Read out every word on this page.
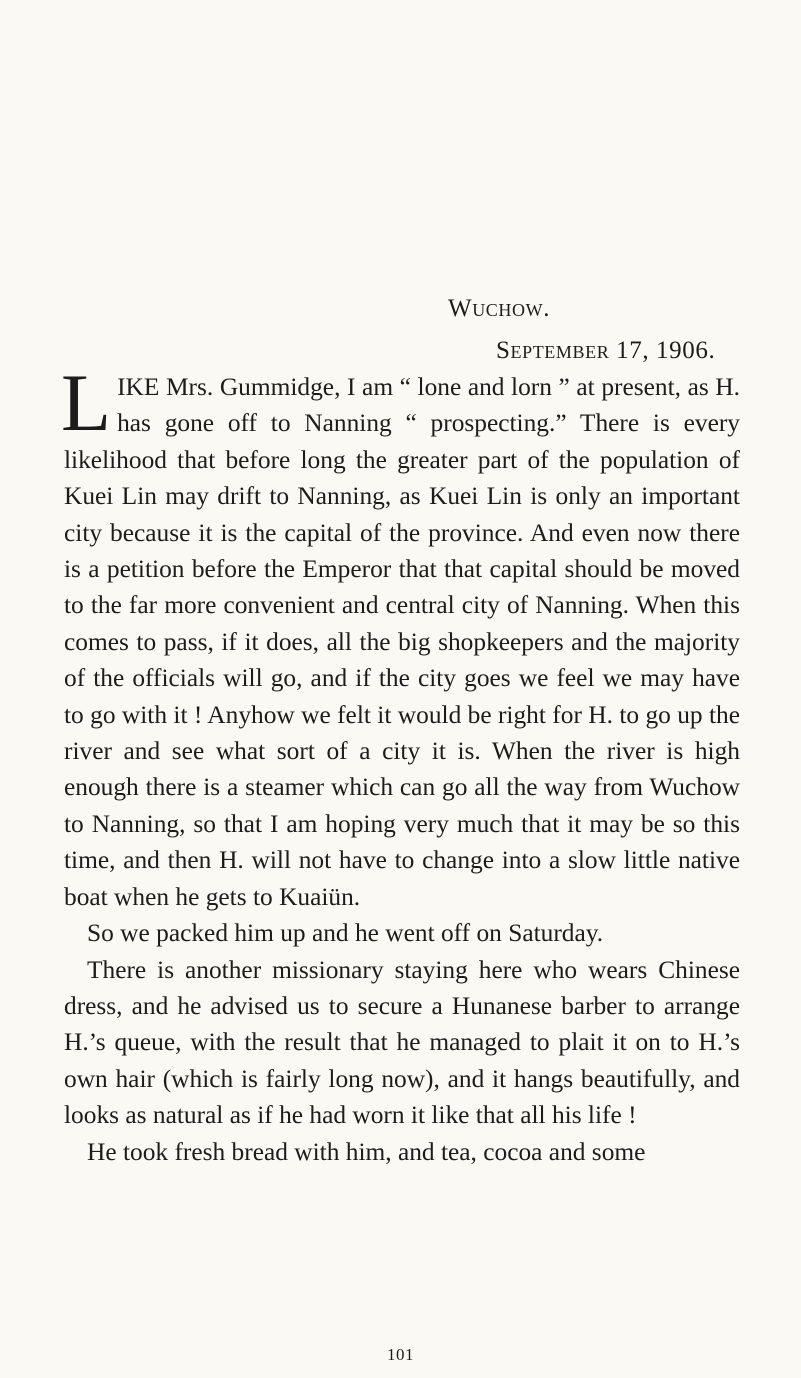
Wuchow.
September 17, 1906.

LIKE Mrs. Gummidge, I am “ lone and lorn ” at present, as H. has gone off to Nanning “ prospecting.” There is every likelihood that before long the greater part of the population of Kuei Lin may drift to Nanning, as Kuei Lin is only an important city because it is the capital of the province. And even now there is a petition before the Emperor that that capital should be moved to the far more convenient and central city of Nanning. When this comes to pass, if it does, all the big shopkeepers and the majority of the officials will go, and if the city goes we feel we may have to go with it ! Anyhow we felt it would be right for H. to go up the river and see what sort of a city it is. When the river is high enough there is a steamer which can go all the way from Wuchow to Nanning, so that I am hoping very much that it may be so this time, and then H. will not have to change into a slow little native boat when he gets to Kuaiün.

So we packed him up and he went off on Saturday.

There is another missionary staying here who wears Chinese dress, and he advised us to secure a Hunanese barber to arrange H.’s queue, with the result that he managed to plait it on to H.’s own hair (which is fairly long now), and it hangs beautifully, and looks as natural as if he had worn it like that all his life !

He took fresh bread with him, and tea, cocoa and some

101
